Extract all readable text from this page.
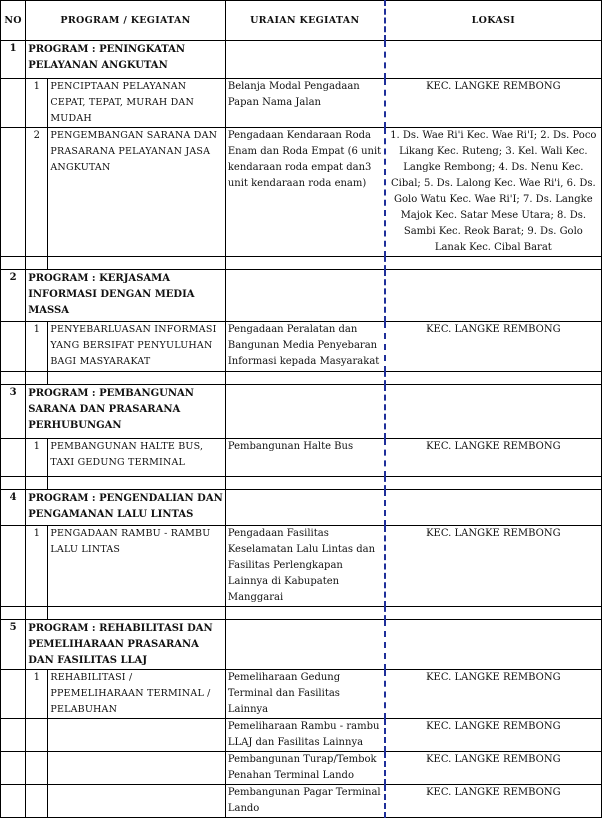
NO	PROGRAM / KEGIATAN		URAIAN KEGIATAN	LOKASI
1	PROGRAM : PENINGKATAN PELAYANAN ANGKUTAN			
	1	PENCIPTAAN PELAYANAN CEPAT, TEPAT, MURAH DAN MUDAH	Belanja Modal Pengadaan Papan Nama Jalan	KEC. LANGKE REMBONG
	2	PENGEMBANGAN SARANA DAN PRASARANA PELAYANAN JASA ANGKUTAN	Pengadaan Kendaraan Roda Enam dan Roda Empat (6 unit kendaraan roda empat dan3 unit kendaraan roda enam)	1. Ds. Wae Ri'i Kec. Wae Ri'I; 2. Ds. Poco Likang Kec. Ruteng; 3. Kel. Wali Kec. Langke Rembong; 4. Ds. Nenu Kec. Cibal; 5. Ds. Lalong Kec. Wae Ri'i, 6. Ds. Golo Watu Kec. Wae Ri'I; 7. Ds. Langke Majok Kec. Satar Mese Utara; 8. Ds. Sambi Kec. Reok Barat; 9. Ds. Golo Lanak Kec. Cibal Barat

2	PROGRAM : KERJASAMA INFORMASI DENGAN MEDIA MASSA			
	1	PENYEBARLUASAN INFORMASI YANG BERSIFAT PENYULUHAN BAGI MASYARAKAT	Pengadaan Peralatan dan Bangunan Media Penyebaran Informasi kepada Masyarakat	KEC. LANGKE REMBONG

3	PROGRAM : PEMBANGUNAN SARANA DAN PRASARANA PERHUBUNGAN			
	1	PEMBANGUNAN HALTE BUS, TAXI GEDUNG TERMINAL	Pembangunan Halte Bus	KEC. LANGKE REMBONG

4	PROGRAM : PENGENDALIAN DAN PENGAMANAN LALU LINTAS			
	1	PENGADAAN RAMBU - RAMBU LALU LINTAS	Pengadaan Fasilitas Keselamatan Lalu Lintas dan Fasilitas Perlengkapan Lainnya di Kabupaten Manggarai	KEC. LANGKE REMBONG

5	PROGRAM : REHABILITASI DAN PEMELIHARAAN PRASARANA DAN FASILITAS LLAJ			
	1	REHABILITASI / PPEMELIHARAAN TERMINAL / PELABUHAN	Pemeliharaan Gedung Terminal dan Fasilitas Lainnya	KEC. LANGKE REMBONG
			Pemeliharaan Rambu - rambu LLAJ dan Fasilitas Lainnya	KEC. LANGKE REMBONG
			Pembangunan Turap/Tembok Penahan Terminal Lando	KEC. LANGKE REMBONG
			Pembangunan Pagar Terminal Lando	KEC. LANGKE REMBONG
